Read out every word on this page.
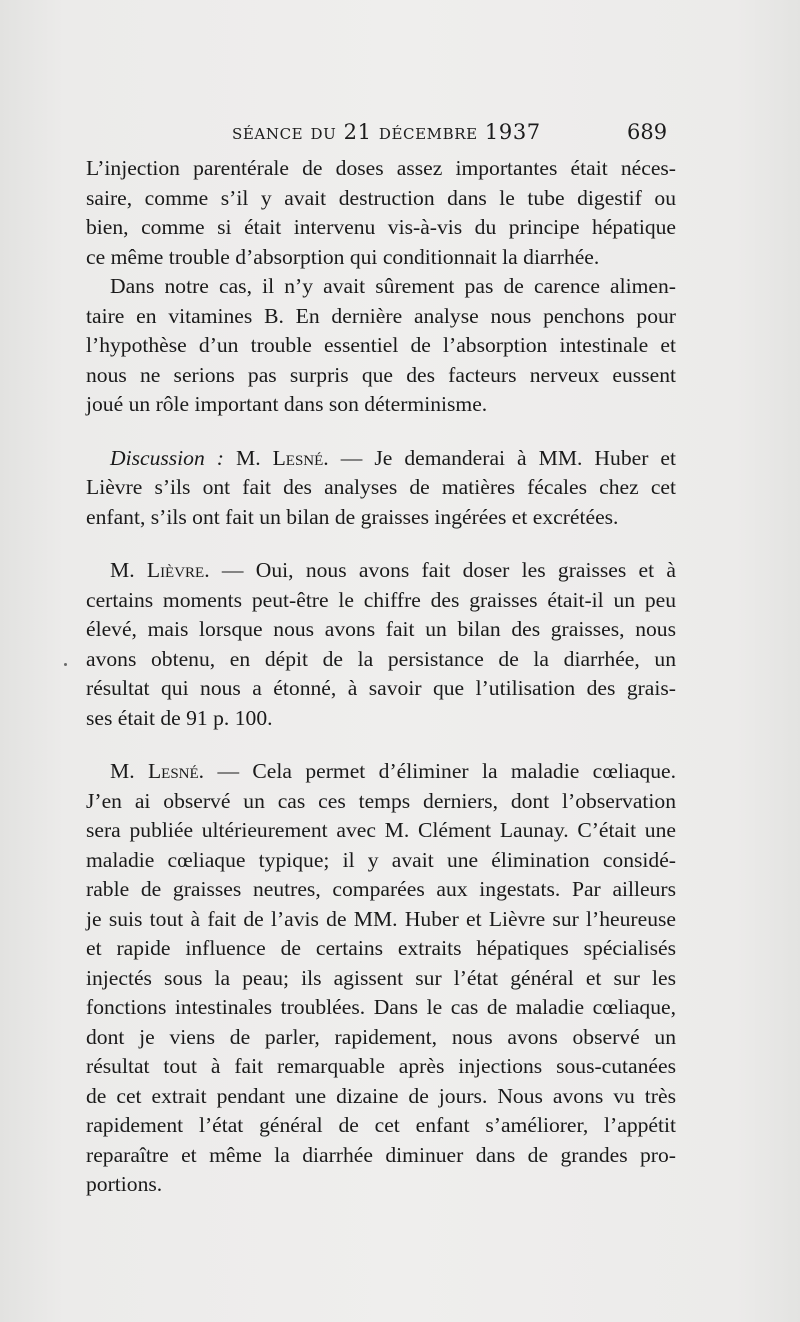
séance du 21 décembre 1937	689
L’injection parentérale de doses assez importantes était néces-
saire, comme s’il y avait destruction dans le tube digestif ou
bien, comme si était intervenu vis-à-vis du principe hépatique
ce même trouble d’absorption qui conditionnait la diarrhée.
Dans notre cas, il n’y avait sûrement pas de carence alimen-
taire en vitamines B. En dernière analyse nous penchons pour
l’hypothèse d’un trouble essentiel de l’absorption intestinale et
nous ne serions pas surpris que des facteurs nerveux eussent
joué un rôle important dans son déterminisme.
Discussion : M. Lesné. — Je demanderai à MM. Huber et
Lièvre s’ils ont fait des analyses de matières fécales chez cet
enfant, s’ils ont fait un bilan de graisses ingérées et excrétées.
M. Lièvre. — Oui, nous avons fait doser les graisses et à
certains moments peut-être le chiffre des graisses était-il un peu
élevé, mais lorsque nous avons fait un bilan des graisses, nous
avons obtenu, en dépit de la persistance de la diarrhée, un
résultat qui nous a étonné, à savoir que l’utilisation des grais-
ses était de 91 p. 100.
M. Lesné. — Cela permet d’éliminer la maladie cœliaque.
J’en ai observé un cas ces temps derniers, dont l’observation
sera publiée ultérieurement avec M. Clément Launay. C’était une
maladie cœliaque typique; il y avait une élimination considé-
rable de graisses neutres, comparées aux ingestats. Par ailleurs
je suis tout à fait de l’avis de MM. Huber et Lièvre sur l’heureuse
et rapide influence de certains extraits hépatiques spécialisés
injectés sous la peau; ils agissent sur l’état général et sur les
fonctions intestinales troublées. Dans le cas de maladie cœliaque,
dont je viens de parler, rapidement, nous avons observé un
résultat tout à fait remarquable après injections sous-cutanées
de cet extrait pendant une dizaine de jours. Nous avons vu très
rapidement l’état général de cet enfant s’améliorer, l’appétit
reparaître et même la diarrhée diminuer dans de grandes pro-
portions.
